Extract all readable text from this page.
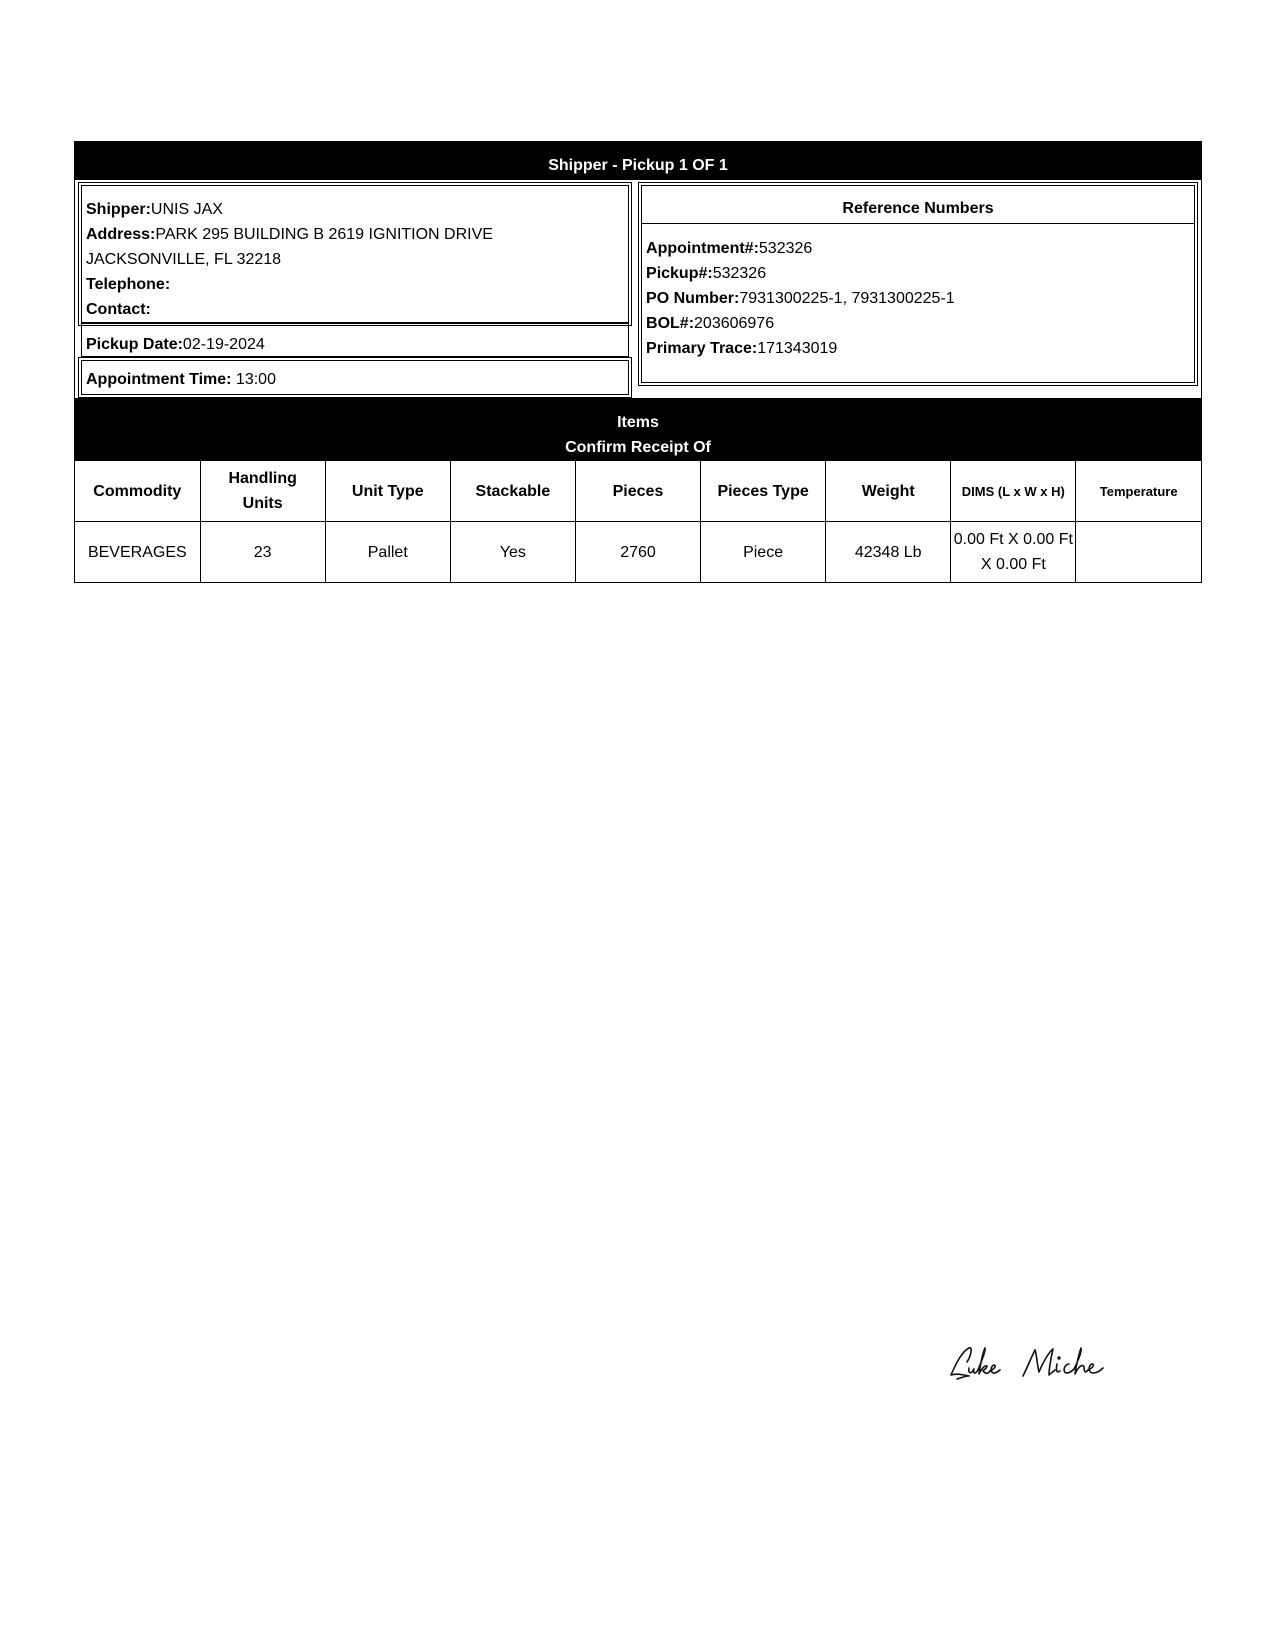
Shipper - Pickup 1 OF 1
Shipper:UNIS JAX
Address:PARK 295 BUILDING B 2619 IGNITION DRIVE
JACKSONVILLE, FL 32218
Telephone:
Contact:
Pickup Date:02-19-2024
Appointment Time: 13:00
Reference Numbers
Appointment#:532326
Pickup#:532326
PO Number:7931300225-1, 7931300225-1
BOL#:203606976
Primary Trace:171343019
Items
Confirm Receipt Of
Commodity	Handling Units	Unit Type	Stackable	Pieces	Pieces Type	Weight	DIMS (L x W x H)	Temperature
BEVERAGES	23	Pallet	Yes	2760	Piece	42348 Lb	0.00 Ft X 0.00 Ft X 0.00 Ft	
